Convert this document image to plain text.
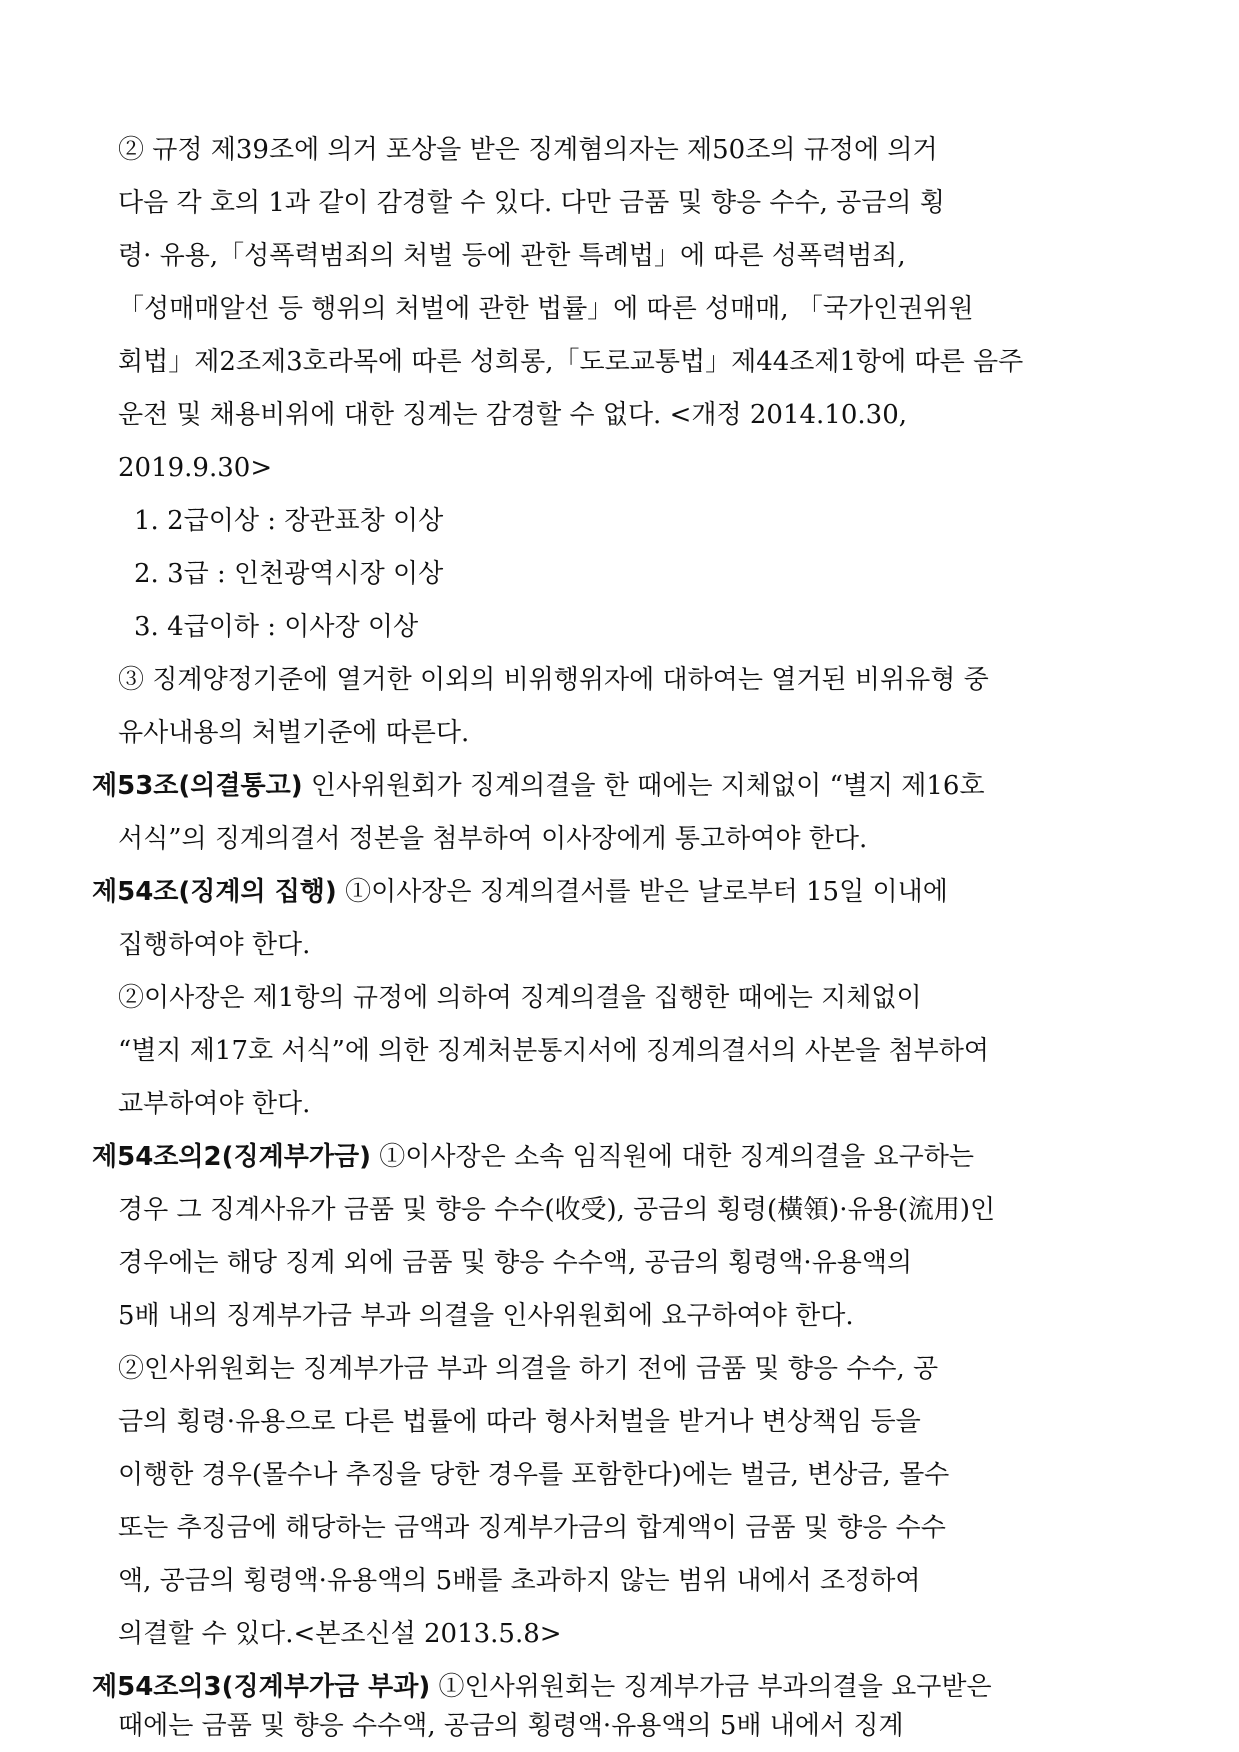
② 규정 제39조에 의거 포상을 받은 징계혐의자는 제50조의 규정에 의거
다음 각 호의 1과 같이 감경할 수 있다. 다만 금품 및 향응 수수, 공금의 횡
령· 유용,「성폭력범죄의 처벌 등에 관한 특례법」에 따른 성폭력범죄,
「성매매알선 등 행위의 처벌에 관한 법률」에 따른 성매매, 「국가인권위원
회법」제2조제3호라목에 따른 성희롱,「도로교통법」제44조제1항에 따른 음주
운전 및 채용비위에 대한 징계는 감경할 수 없다. <개정 2014.10.30,
2019.9.30>
1. 2급이상 : 장관표창 이상
2. 3급 : 인천광역시장 이상
3. 4급이하 : 이사장 이상
③ 징계양정기준에 열거한 이외의 비위행위자에 대하여는 열거된 비위유형 중
유사내용의 처벌기준에 따른다.
제53조(의결통고) 인사위원회가 징계의결을 한 때에는 지체없이 “별지 제16호
서식”의 징계의결서 정본을 첨부하여 이사장에게 통고하여야 한다.
제54조(징계의 집행) ①이사장은 징계의결서를 받은 날로부터 15일 이내에
집행하여야 한다.
②이사장은 제1항의 규정에 의하여 징계의결을 집행한 때에는 지체없이
“별지 제17호 서식”에 의한 징계처분통지서에 징계의결서의 사본을 첨부하여
교부하여야 한다.
제54조의2(징계부가금) ①이사장은 소속 임직원에 대한 징계의결을 요구하는
경우 그 징계사유가 금품 및 향응 수수(收受), 공금의 횡령(橫領)·유용(流用)인
경우에는 해당 징계 외에 금품 및 향응 수수액, 공금의 횡령액·유용액의
5배 내의 징계부가금 부과 의결을 인사위원회에 요구하여야 한다.
②인사위원회는 징계부가금 부과 의결을 하기 전에 금품 및 향응 수수, 공
금의 횡령·유용으로 다른 법률에 따라 형사처벌을 받거나 변상책임 등을
이행한 경우(몰수나 추징을 당한 경우를 포함한다)에는 벌금, 변상금, 몰수
또는 추징금에 해당하는 금액과 징계부가금의 합계액이 금품 및 향응 수수
액, 공금의 횡령액·유용액의 5배를 초과하지 않는 범위 내에서 조정하여
의결할 수 있다.<본조신설 2013.5.8>
제54조의3(징계부가금 부과) ①인사위원회는 징계부가금 부과의결을 요구받은
때에는 금품 및 향응 수수액, 공금의 횡령액·유용액의 5배 내에서 징계
